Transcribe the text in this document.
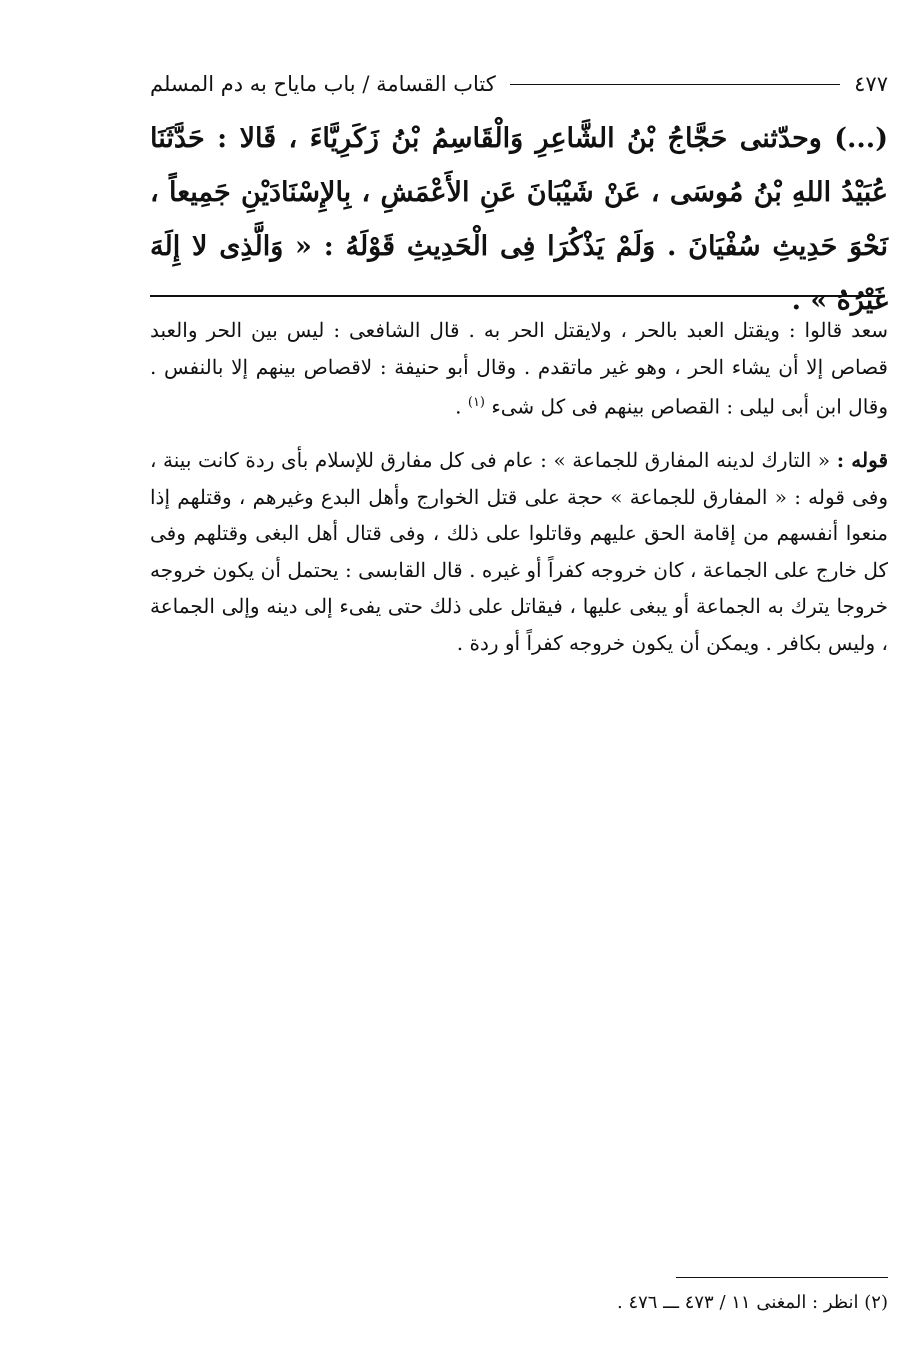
كتاب القسامة / باب ماياح به دم المسلم	٤٧٧
(...) وحدّثنى حَجَّاجُ بْنُ الشَّاعِرِ وَالْقَاسِمُ بْنُ زَكَرِيَّاءَ ، قَالا : حَدَّثَنَا عُبَيْدُ اللهِ بْنُ مُوسَى ، عَنْ شَيْبَانَ عَنِ الأَعْمَشِ ، بِالإِسْنَادَيْنِ جَمِيعاً ، نَحْوَ حَدِيثِ سُفْيَانَ . وَلَمْ يَذْكُرَا فِى الْحَدِيثِ قَوْلَهُ : « وَالَّذِى لا إِلَهَ غَيْرُهُ » .
سعد قالوا : ويقتل العبد بالحر ، ولايقتل الحر به . قال الشافعى : ليس بين الحر والعبد قصاص إلا أن يشاء الحر ، وهو غير ماتقدم . وقال أبو حنيفة : لاقصاص بينهم إلا بالنفس . وقال ابن أبى ليلى : القصاص بينهم فى كل شىء $^{(١)}$ .
قوله : « التارك لدينه المفارق للجماعة » : عام فى كل مفارق للإسلام بأى ردة كانت بينة ، وفى قوله : « المفارق للجماعة » حجة على قتل الخوارج وأهل البدع وغيرهم ، وقتلهم إذا منعوا أنفسهم من إقامة الحق عليهم وقاتلوا على ذلك ، وفى قتال أهل البغى وقتلهم وفى كل خارج على الجماعة ، كان خروجه كفراً أو غيره . قال القابسى : يحتمل أن يكون خروجه خروجا يترك به الجماعة أو يبغى عليها ، فيقاتل على ذلك حتى يفىء إلى دينه وإلى الجماعة ، وليس بكافر . ويمكن أن يكون خروجه كفراً أو ردة .
(٢) انظر : المغنى ١١ / ٤٧٣ ـــ ٤٧٦ .
